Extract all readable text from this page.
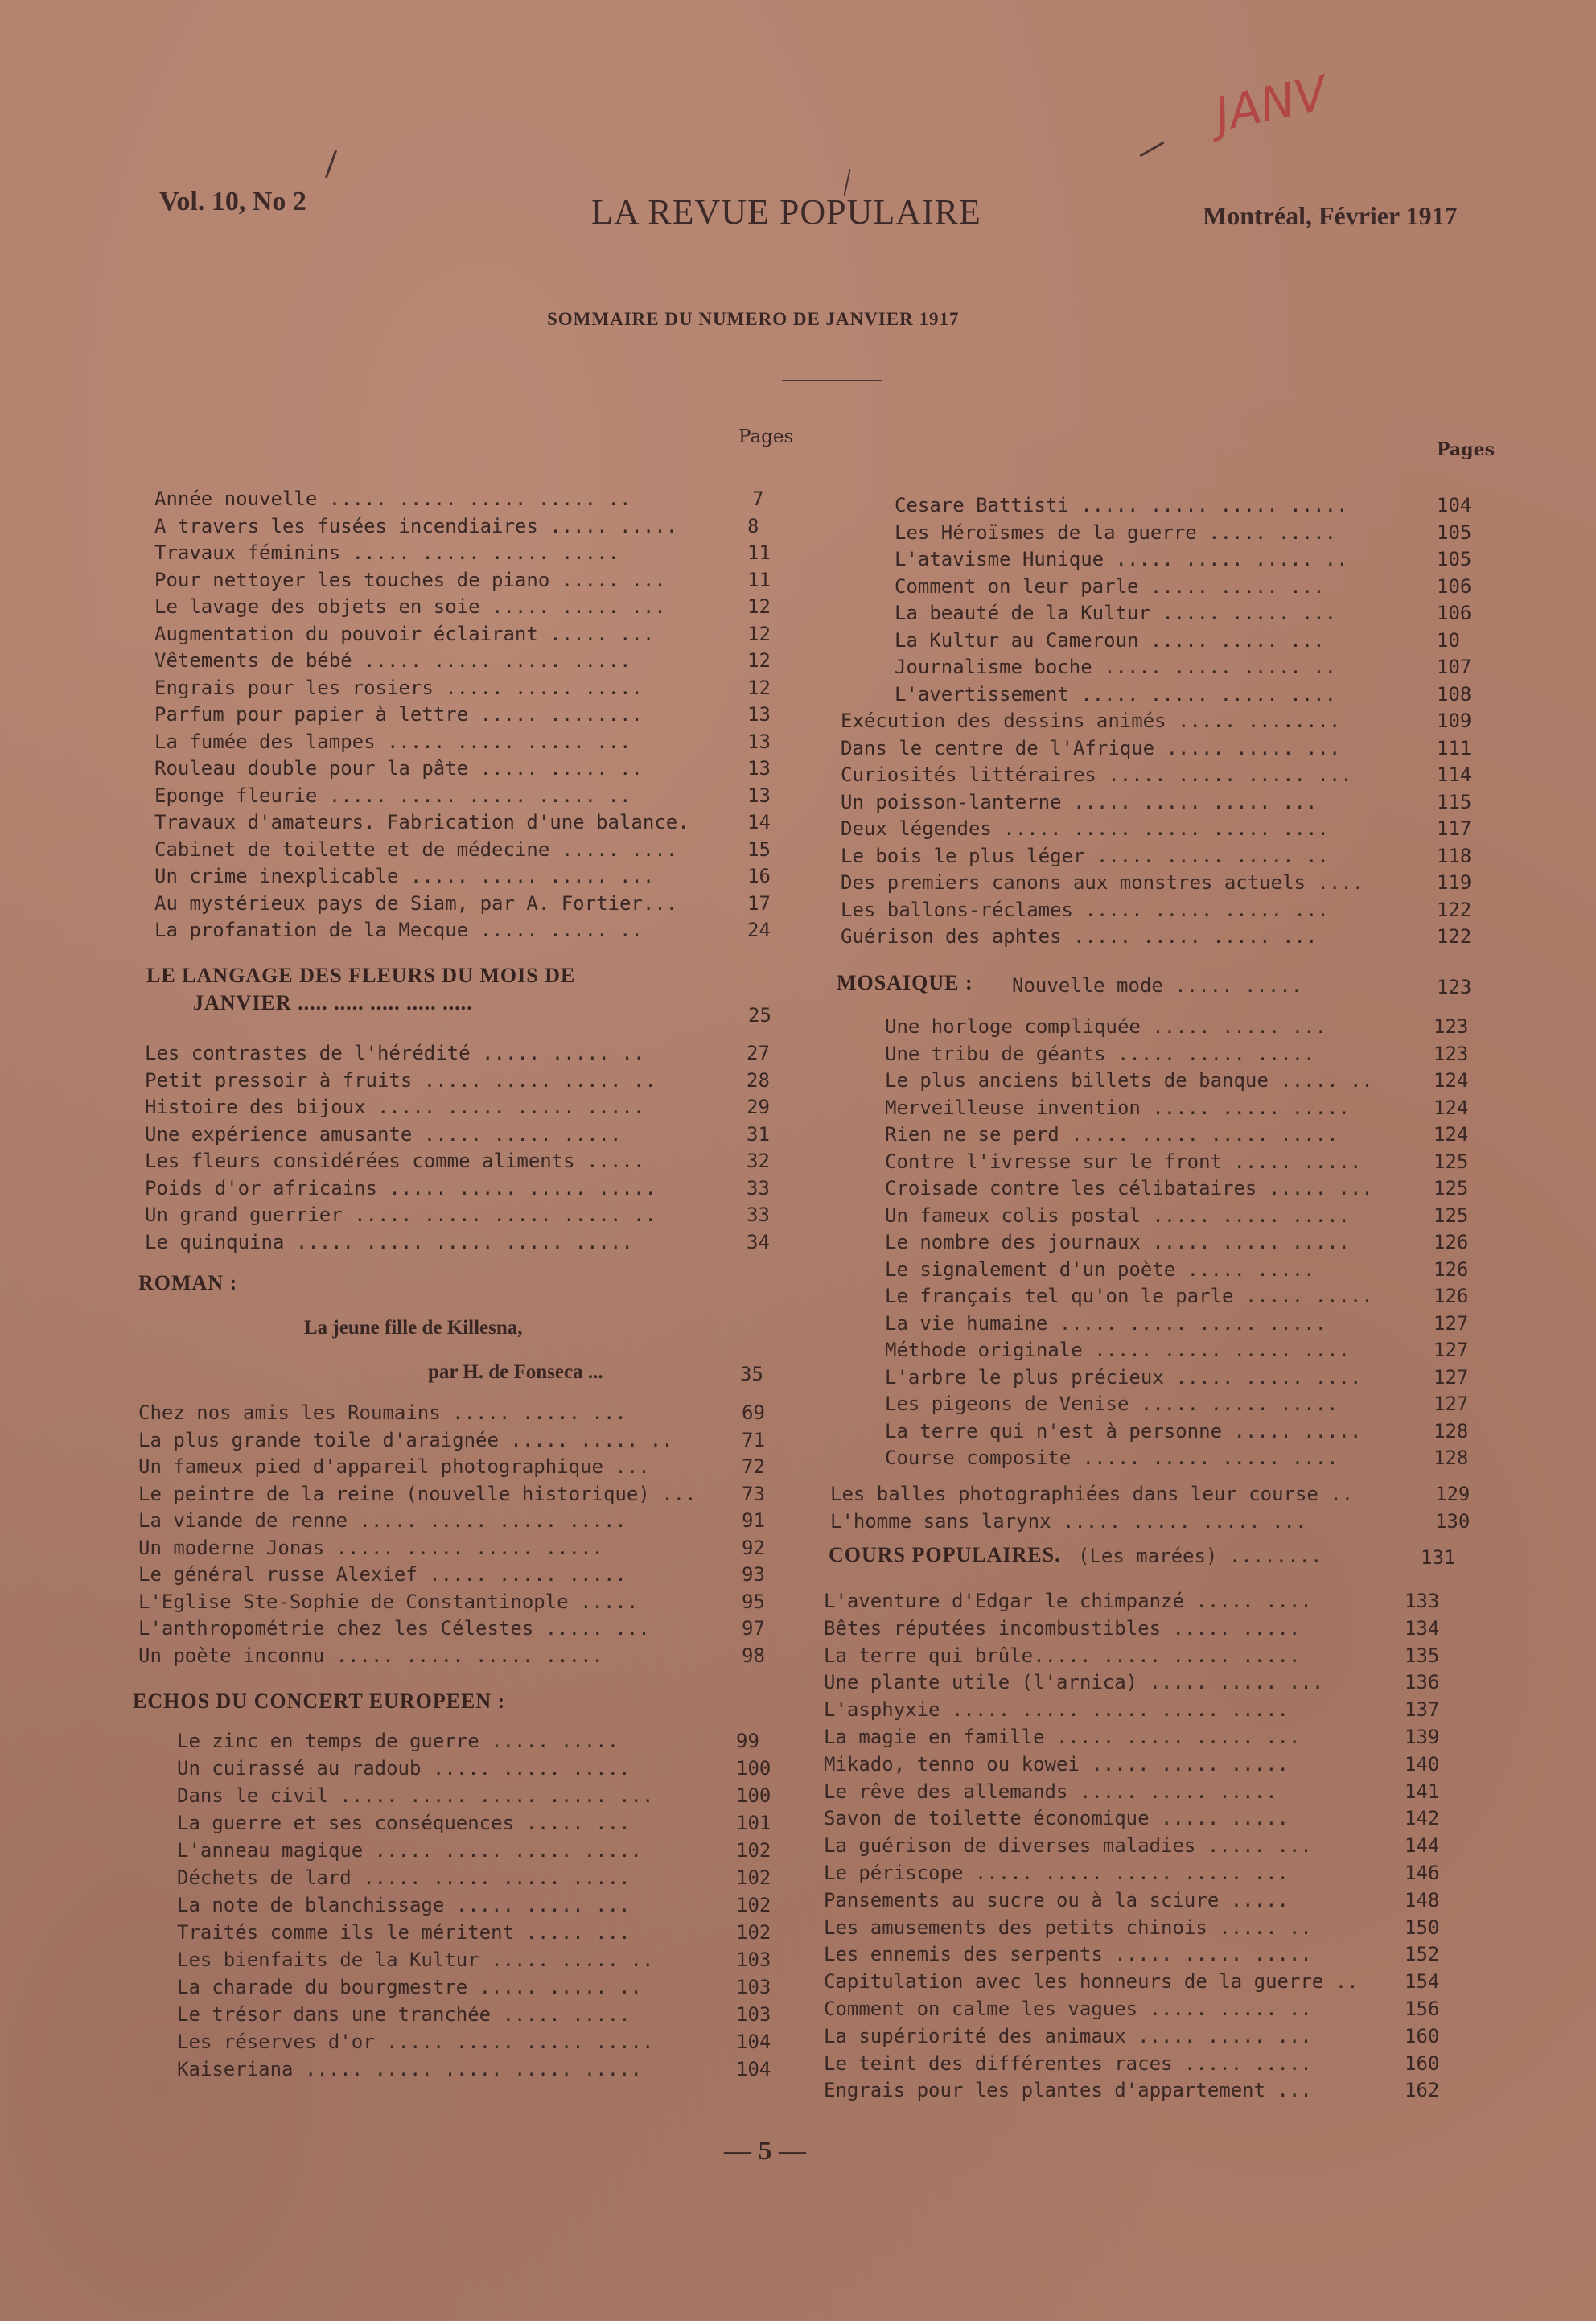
Vol. 10, No 2	LA REVUE POPULAIRE	Montréal, Février 1917
JANV
SOMMAIRE DU NUMERO DE JANVIER 1917
Pages
Pages
Année nouvelle ..... ..... ..... ..... ..
A travers les fusées incendiaires ..... .....
Travaux féminins ..... ..... ..... .....
Pour nettoyer les touches de piano ..... ...
Le lavage des objets en soie ..... ..... ...
Augmentation du pouvoir éclairant ..... ...
Vêtements de bébé ..... ..... ..... .....
Engrais pour les rosiers ..... ..... .....
Parfum pour papier à lettre ..... ........
La fumée des lampes ..... ..... ..... ...
Rouleau double pour la pâte ..... ..... ..
Eponge fleurie ..... ..... ..... ..... ..
Travaux d'amateurs. Fabrication d'une balance.
Cabinet de toilette et de médecine ..... ....
Un crime inexplicable ..... ..... ..... ...
Au mystérieux pays de Siam, par A. Fortier...
La profanation de la Mecque ..... ..... ..
LE LANGAGE DES FLEURS DU MOIS DE
JANVIER ..... ..... ..... ..... .....
Les contrastes de l'hérédité ..... ..... ..
Petit pressoir à fruits ..... ..... ..... ..
Histoire des bijoux ..... ..... ..... .....
Une expérience amusante ..... ..... .....
Les fleurs considérées comme aliments .....
Poids d'or africains ..... ..... ..... .....
Un grand guerrier ..... ..... ..... ..... ..
Le quinquina ..... ..... ..... ..... .....
ROMAN :
La jeune fille de Killesna,
par H. de Fonseca ...
Chez nos amis les Roumains ..... ..... ...
La plus grande toile d'araignée ..... ..... ..
Un fameux pied d'appareil photographique ...
Le peintre de la reine (nouvelle historique) ...
La viande de renne ..... ..... ..... .....
Un moderne Jonas ..... ..... ..... .....
Le général russe Alexief ..... ..... .....
L'Eglise Ste-Sophie de Constantinople .....
L'anthropométrie chez les Célestes ..... ...
Un poète inconnu ..... ..... ..... .....
ECHOS DU CONCERT EUROPEEN :
Le zinc en temps de guerre ..... .....
Un cuirassé au radoub ..... ..... .....
Dans le civil ..... ..... ..... ..... ...
La guerre et ses conséquences ..... ...
L'anneau magique ..... ..... ..... .....
Déchets de lard ..... ..... ..... .....
La note de blanchissage ..... ..... ...
Traités comme ils le méritent ..... ...
Les bienfaits de la Kultur ..... ..... ..
La charade du bourgmestre ..... ..... ..
Le trésor dans une tranchée ..... .....
Les réserves d'or ..... ..... ..... .....
Kaiseriana ..... ..... ..... ..... .....
Cesare Battisti ..... ..... ..... .....
Les Héroïsmes de la guerre ..... .....
L'atavisme Hunique ..... ..... ..... ..
Comment on leur parle ..... ..... ...
La beauté de la Kultur ..... ..... ...
La Kultur au Cameroun ..... ..... ...
Journalisme boche ..... ..... ..... ..
L'avertissement ..... ..... ..... ....
Exécution des dessins animés ..... ........
Dans le centre de l'Afrique ..... ..... ...
Curiosités littéraires ..... ..... ..... ...
Un poisson-lanterne ..... ..... ..... ...
Deux légendes ..... ..... ..... ..... ....
Le bois le plus léger ..... ..... ..... ..
Des premiers canons aux monstres actuels ....
Les ballons-réclames ..... ..... ..... ...
Guérison des aphtes ..... ..... ..... ...
MOSAIQUE : Nouvelle mode ..... .....
Une horloge compliquée ..... ..... ...
Une tribu de géants ..... ..... .....
Le plus anciens billets de banque ..... ..
Merveilleuse invention ..... ..... .....
Rien ne se perd ..... ..... ..... .....
Contre l'ivresse sur le front ..... .....
Croisade contre les célibataires ..... ...
Un fameux colis postal ..... ..... .....
Le nombre des journaux ..... ..... .....
Le signalement d'un poète ..... .....
Le français tel qu'on le parle ..... .....
La vie humaine ..... ..... ..... .....
Méthode originale ..... ..... ..... ....
L'arbre le plus précieux ..... ..... ....
Les pigeons de Venise ..... ..... .....
La terre qui n'est à personne ..... .....
Course composite ..... ..... ..... ....
Les balles photographiées dans leur course ..
L'homme sans larynx ..... ..... ..... ...
COURS POPULAIRES. (Les marées) ........
L'aventure d'Edgar le chimpanzé ..... ....
Bêtes réputées incombustibles ..... .....
La terre qui brûle..... ..... ..... .....
Une plante utile (l'arnica) ..... ..... ...
L'asphyxie ..... ..... ..... ..... .....
La magie en famille ..... ..... ..... ...
Mikado, tenno ou kowei ..... ..... .....
Le rêve des allemands ..... ..... .....
Savon de toilette économique ..... .....
La guérison de diverses maladies ..... ...
Le périscope ..... ..... ..... ..... ...
Pansements au sucre ou à la sciure .....
Les amusements des petits chinois ..... ..
Les ennemis des serpents ..... ..... .....
Capitulation avec les honneurs de la guerre ..
Comment on calme les vagues ..... ..... ..
La supériorité des animaux ..... ..... ...
Le teint des différentes races ..... .....
Engrais pour les plantes d'appartement ...
— 5 —
7
8
11
11
12
12
12
12
13
13
13
13
14
15
16
17
24
25
27
28
29
31
32
33
33
34
35
69
71
72
73
91
92
93
95
97
98
99
100
100
101
102
102
102
102
103
103
103
104
104
104
105
105
106
106
10
107
108
109
111
114
115
117
118
119
122
122
123
123
123
124
124
124
125
125
125
126
126
126
127
127
127
127
128
128
129
130
131
133
134
135
136
137
139
140
141
142
144
146
148
150
152
154
156
160
160
162
